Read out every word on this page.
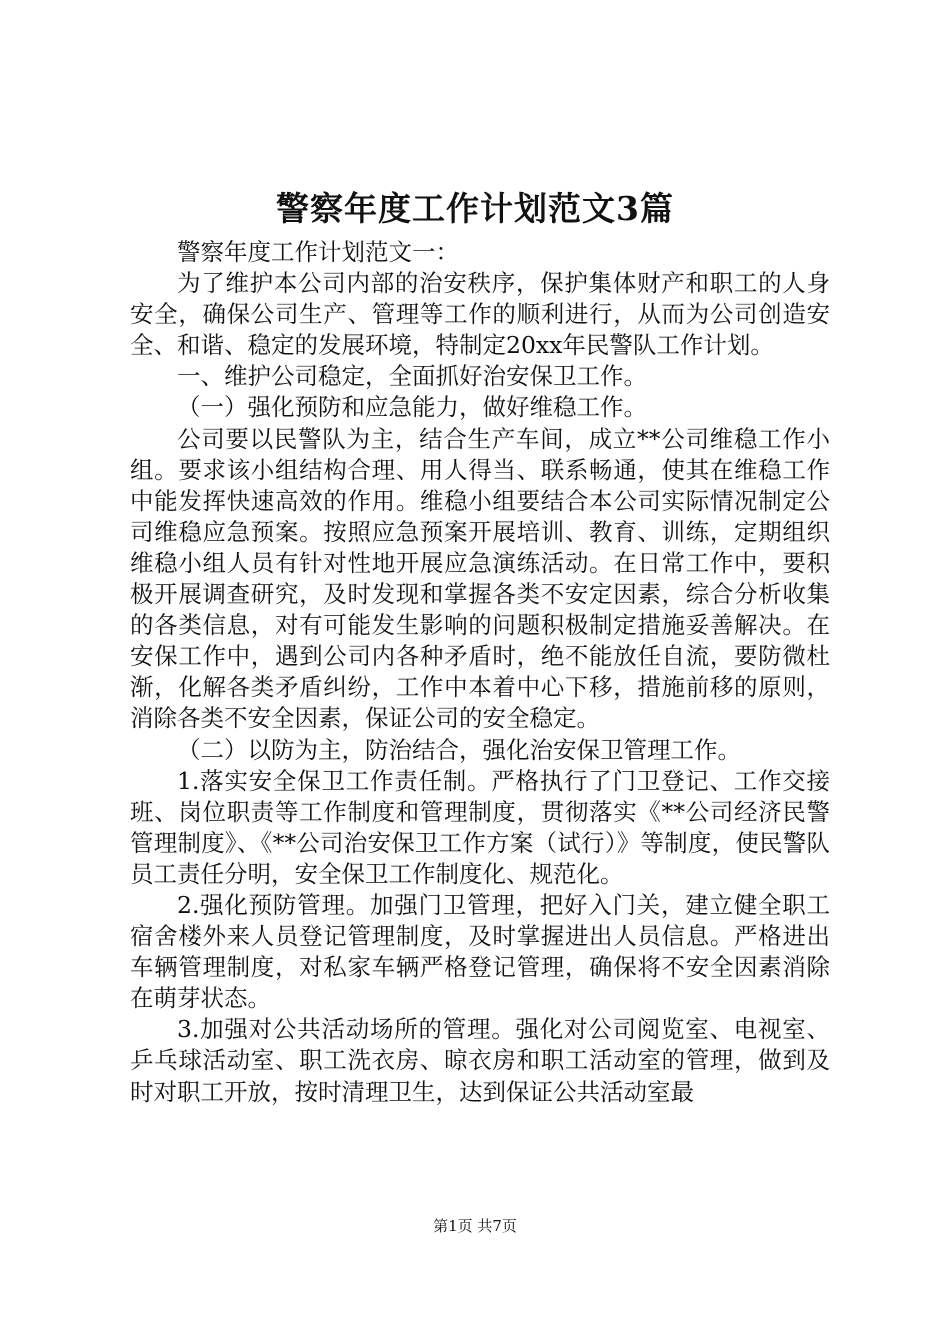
警察年度工作计划范文3篇

警察年度工作计划范文一：

为了维护本公司内部的治安秩序，保护集体财产和职工的人身安全，确保公司生产、管理等工作的顺利进行，从而为公司创造安全、和谐、稳定的发展环境，特制定20xx年民警队工作计划。

一、维护公司稳定，全面抓好治安保卫工作。

（一）强化预防和应急能力，做好维稳工作。

公司要以民警队为主，结合生产车间，成立**公司维稳工作小组。要求该小组结构合理、用人得当、联系畅通，使其在维稳工作中能发挥快速高效的作用。维稳小组要结合本公司实际情况制定公司维稳应急预案。按照应急预案开展培训、教育、训练，定期组织维稳小组人员有针对性地开展应急演练活动。在日常工作中，要积极开展调查研究，及时发现和掌握各类不安定因素，综合分析收集的各类信息，对有可能发生影响的问题积极制定措施妥善解决。在安保工作中，遇到公司内各种矛盾时，绝不能放任自流，要防微杜渐，化解各类矛盾纠纷，工作中本着中心下移，措施前移的原则，消除各类不安全因素，保证公司的安全稳定。

（二）以防为主，防治结合，强化治安保卫管理工作。

1.落实安全保卫工作责任制。严格执行了门卫登记、工作交接班、岗位职责等工作制度和管理制度，贯彻落实《**公司经济民警管理制度》、《**公司治安保卫工作方案（试行）》等制度，使民警队员工责任分明，安全保卫工作制度化、规范化。

2.强化预防管理。加强门卫管理，把好入门关，建立健全职工宿舍楼外来人员登记管理制度，及时掌握进出人员信息。严格进出车辆管理制度，对私家车辆严格登记管理，确保将不安全因素消除在萌芽状态。

3.加强对公共活动场所的管理。强化对公司阅览室、电视室、乒乓球活动室、职工洗衣房、晾衣房和职工活动室的管理，做到及时对职工开放，按时清理卫生，达到保证公共活动室最

第1页 共7页
